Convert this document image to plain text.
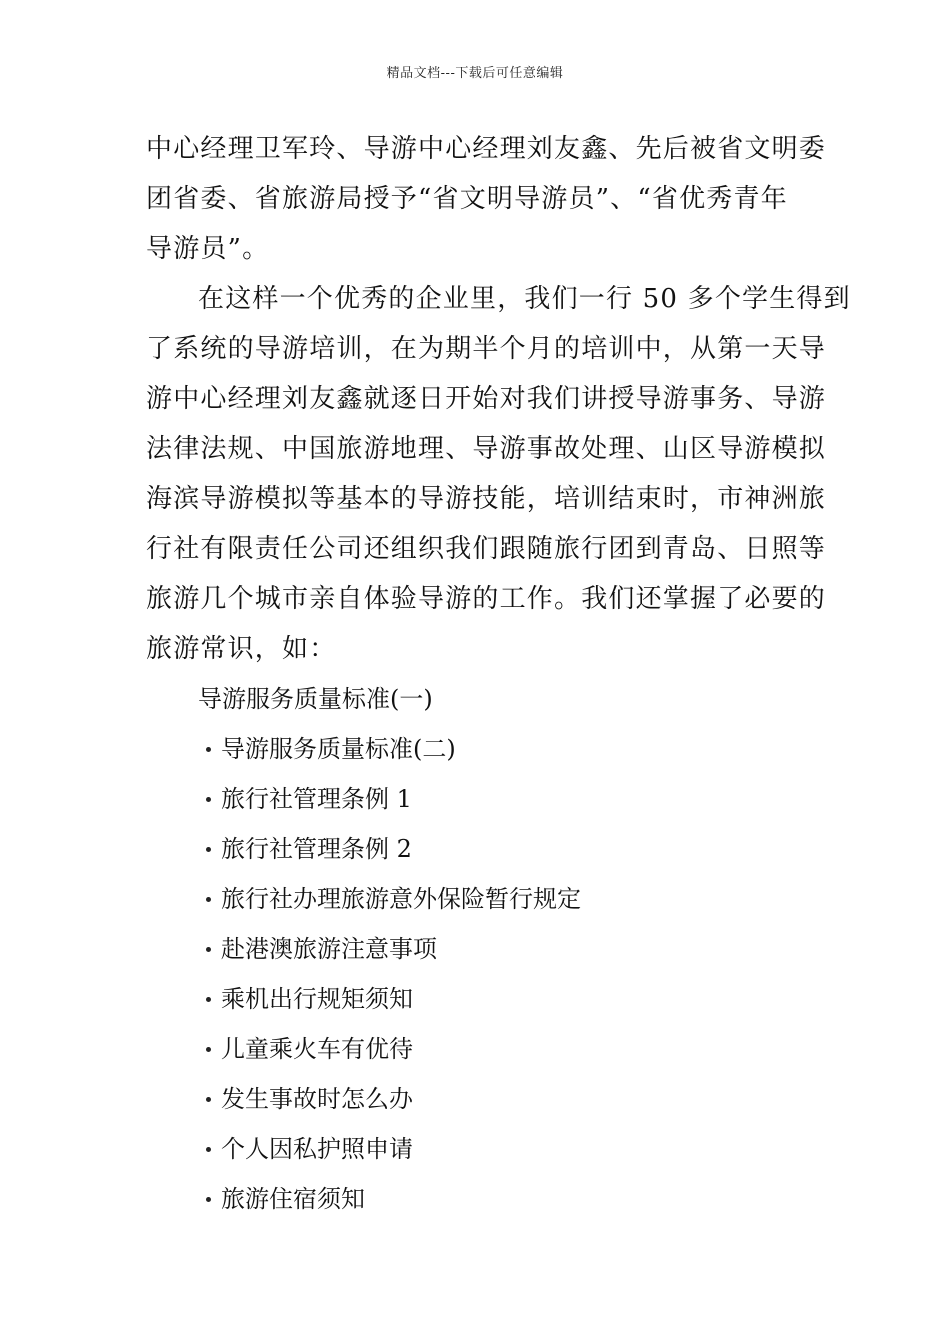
精品文档---下载后可任意编辑
中心经理卫军玲、导游中心经理刘友鑫、先后被省文明委
团省委、省旅游局授予“省文明导游员”、“省优秀青年
导游员”。
在这样一个优秀的企业里，我们一行 50 多个学生得到
了系统的导游培训，在为期半个月的培训中，从第一天导
游中心经理刘友鑫就逐日开始对我们讲授导游事务、导游
法律法规、中国旅游地理、导游事故处理、山区导游模拟
海滨导游模拟等基本的导游技能，培训结束时，市神洲旅
行社有限责任公司还组织我们跟随旅行团到青岛、日照等
旅游几个城市亲自体验导游的工作。我们还掌握了必要的
旅游常识，如：
导游服务质量标准(一)
导游服务质量标准(二)
旅行社管理条例 1
旅行社管理条例 2
旅行社办理旅游意外保险暂行规定
赴港澳旅游注意事项
乘机出行规矩须知
儿童乘火车有优待
发生事故时怎么办
个人因私护照申请
旅游住宿须知
